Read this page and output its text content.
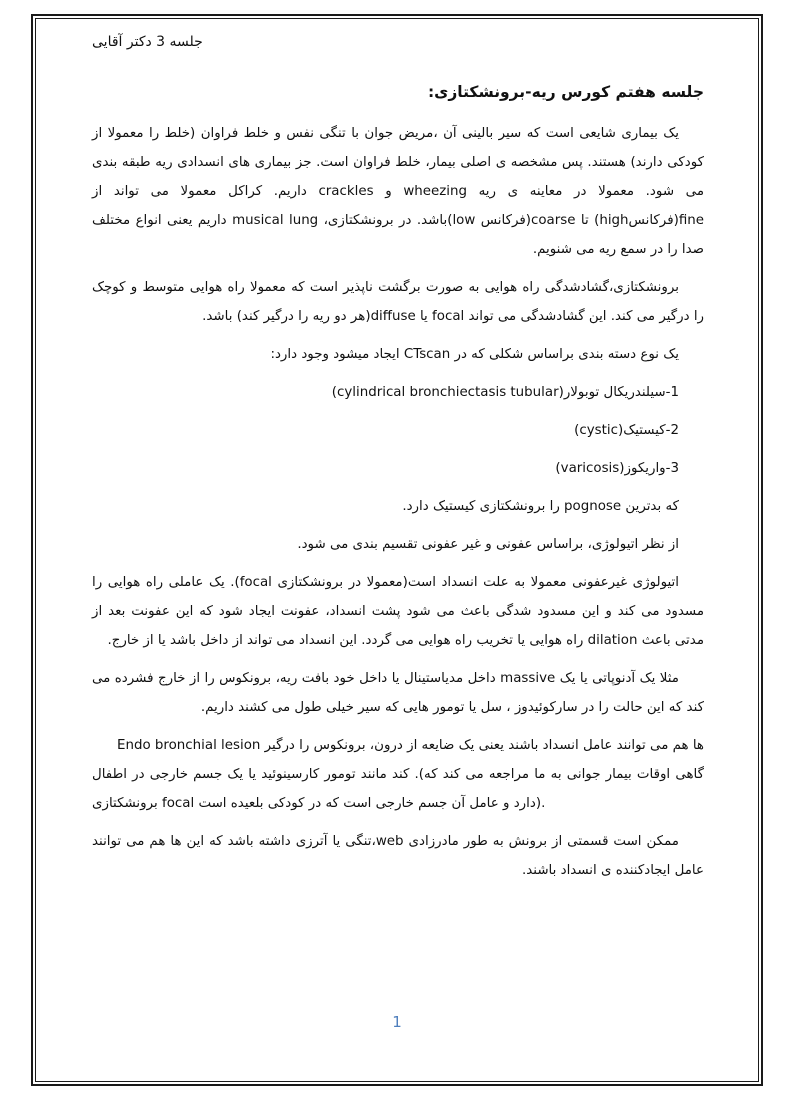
جلسه 3 دکتر آقایی
جلسه هفتم کورس ریه-برونشکتازی:

یک بیماری شایعی است که سیر بالینی آن ،مریض جوان با تنگی نفس و خلط فراوان (خلط را معمولا از کودکی دارند) هستند. پس مشخصه ی اصلی بیمار، خلط فراوان است. جز بیماری های انسدادی ریه طبقه بندی می شود. معمولا در معاینه ی ریه wheezing و crackles داریم. کراکل معمولا می تواند از fine(فرکانسhigh) تا coarse(فرکانس low)باشد. در برونشکتازی، musical lung داریم یعنی انواع مختلف صدا را در سمع ریه می شنویم.

برونشکتازی،گشادشدگی راه هوایی به صورت برگشت ناپذیر است که معمولا راه هوایی متوسط و کوچک را درگیر می کند. این گشادشدگی می تواند focal یا diffuse(هر دو ریه را درگیر کند) باشد.

یک نوع دسته بندی براساس شکلی که در CTscan ایجاد میشود وجود دارد:

1-سیلندریکال توبولار(cylindrical bronchiectasis tubular)

2-کیستیک(cystic)

3-واریکوز(varicosis)

که بدترین pognose را برونشکتازی کیستیک دارد.

از نظر اتیولوژی، براساس عفونی و غیر عفونی تقسیم بندی می شود.

اتیولوژی غیرعفونی معمولا به علت انسداد است(معمولا در برونشکتازی focal). یک عاملی راه هوایی را مسدود می کند و این مسدود شدگی باعث می شود پشت انسداد، عفونت ایجاد شود که این عفونت بعد از مدتی باعث dilation راه هوایی یا تخریب راه هوایی می گردد. این انسداد می تواند از داخل باشد یا از خارج.

مثلا یک آدنوپاتی یا یک massive داخل مدیاستینال یا داخل خود بافت ریه، برونکوس را از خارج فشرده می کند که این حالت را در سارکوئیدوز ، سل یا تومور هایی که سیر خیلی طول می کشند داریم.

Endo bronchial lesion ها هم می توانند عامل انسداد باشند یعنی یک ضایعه از درون، برونکوس را درگیر کند مانند تومور کارسینوئید یا یک جسم خارجی در اطفال .(گاهی اوقات بیمار جوانی به ما مراجعه می کند که برونشکتازی focal دارد و عامل آن جسم خارجی است که در کودکی بلعیده است).

ممکن است قسمتی از برونش به طور مادرزادی web،تنگی یا آترزی داشته باشد که این ها هم می توانند عامل ایجادکننده ی انسداد باشند.

1
